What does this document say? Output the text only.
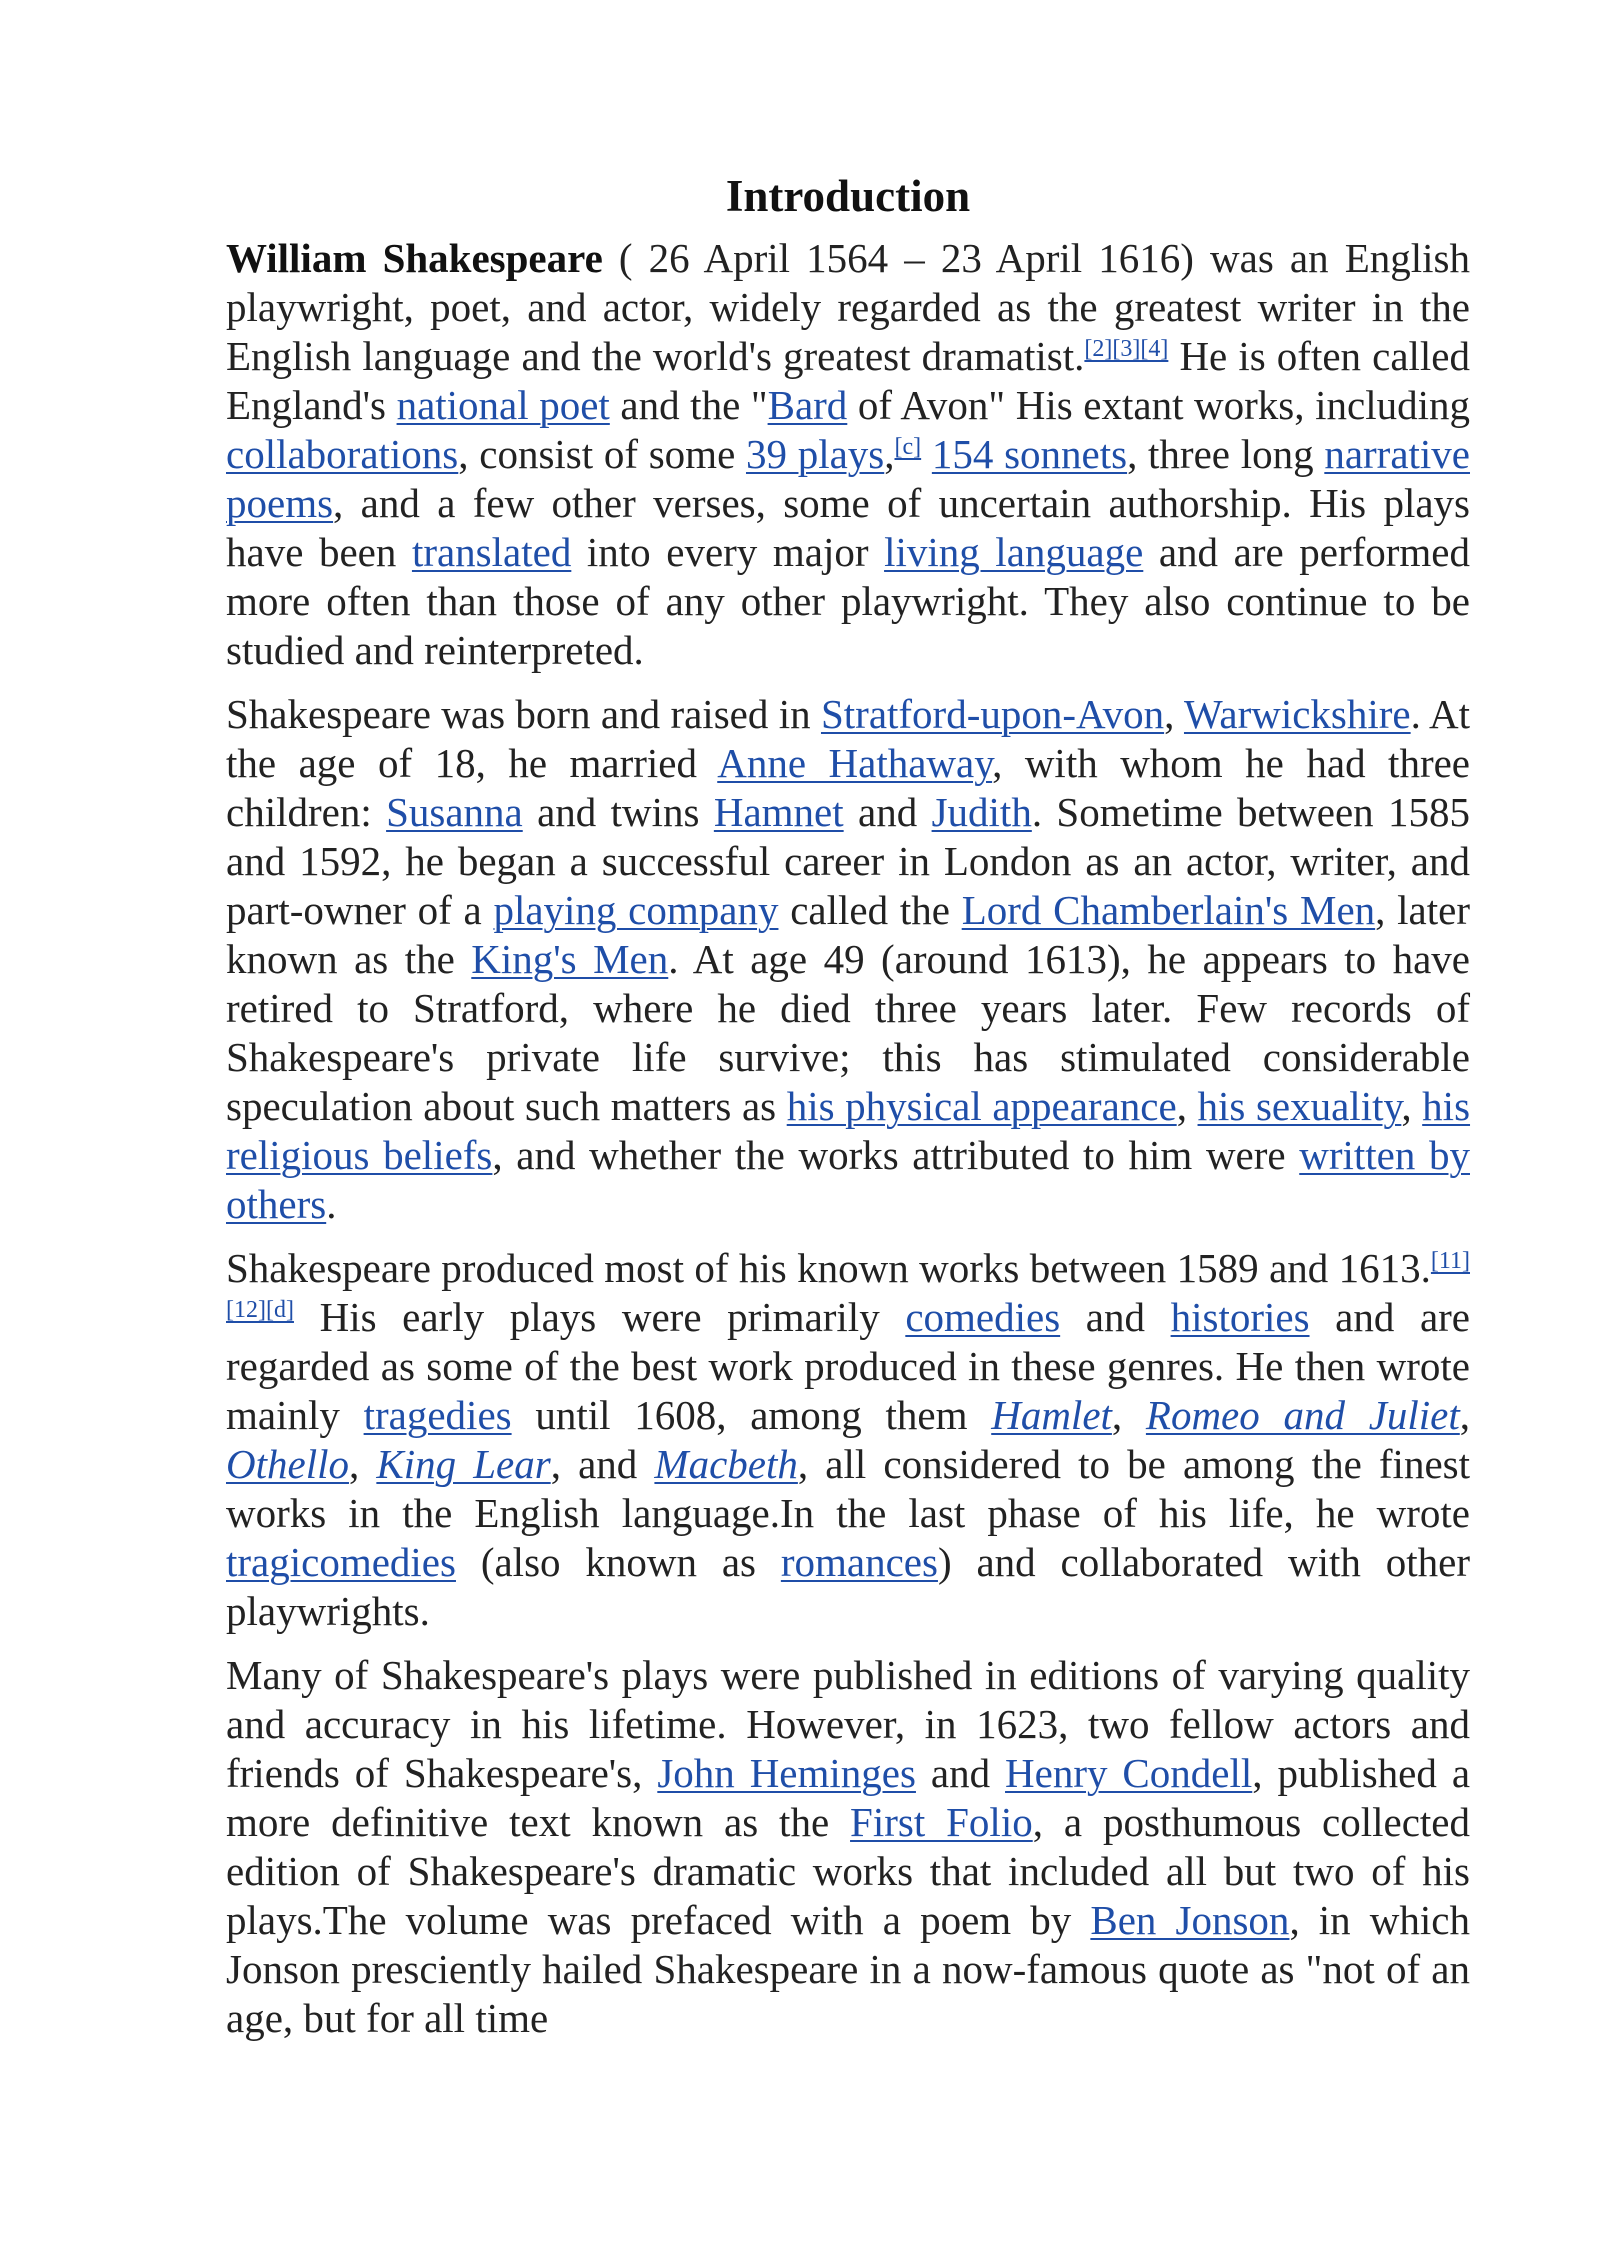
Introduction

William Shakespeare ( 26 April 1564 – 23 April 1616) was an English playwright, poet, and actor, widely regarded as the greatest writer in the English language and the world's greatest dramatist.[2][3][4] He is often called England's national poet and the "Bard of Avon" His extant works, including collaborations, consist of some 39 plays,[c] 154 sonnets, three long narrative poems, and a few other verses, some of uncertain authorship. His plays have been translated into every major living language and are performed more often than those of any other playwright. They also continue to be studied and reinterpreted.

Shakespeare was born and raised in Stratford-upon-Avon, Warwickshire. At the age of 18, he married Anne Hathaway, with whom he had three children: Susanna and twins Hamnet and Judith. Sometime between 1585 and 1592, he began a successful career in London as an actor, writer, and part-owner of a playing company called the Lord Chamberlain's Men, later known as the King's Men. At age 49 (around 1613), he appears to have retired to Stratford, where he died three years later. Few records of Shakespeare's private life survive; this has stimulated considerable speculation about such matters as his physical appearance, his sexuality, his religious beliefs, and whether the works attributed to him were written by others.

Shakespeare produced most of his known works between 1589 and 1613.[11][12][d] His early plays were primarily comedies and histories and are regarded as some of the best work produced in these genres. He then wrote mainly tragedies until 1608, among them Hamlet, Romeo and Juliet, Othello, King Lear, and Macbeth, all considered to be among the finest works in the English language.In the last phase of his life, he wrote tragicomedies (also known as romances) and collaborated with other playwrights.

Many of Shakespeare's plays were published in editions of varying quality and accuracy in his lifetime. However, in 1623, two fellow actors and friends of Shakespeare's, John Heminges and Henry Condell, published a more definitive text known as the First Folio, a posthumous collected edition of Shakespeare's dramatic works that included all but two of his plays.The volume was prefaced with a poem by Ben Jonson, in which Jonson presciently hailed Shakespeare in a now-famous quote as "not of an age, but for all time
